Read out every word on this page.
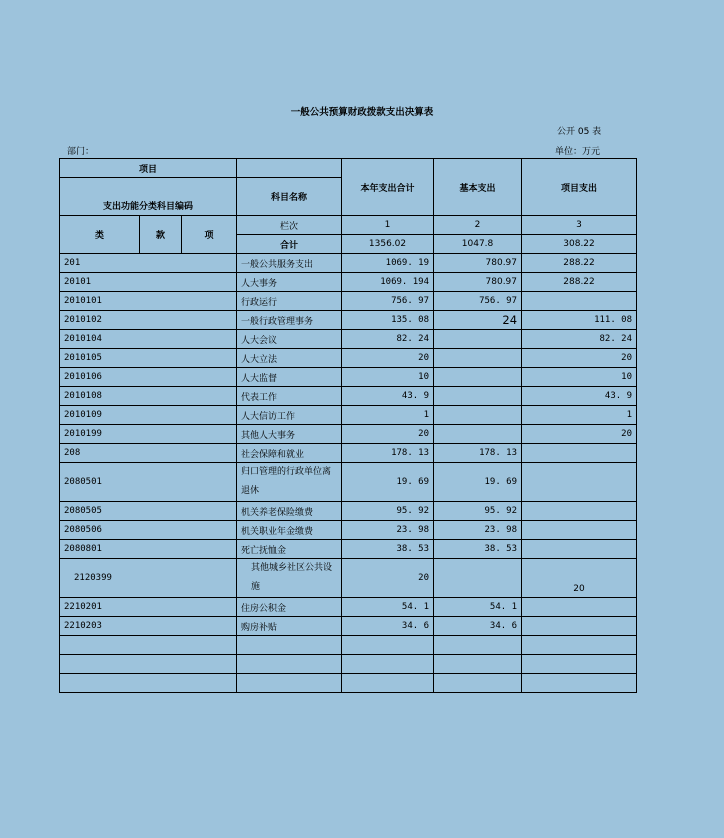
一般公共预算财政拨款支出决算表
公开 05 表
部门：	单位：万元
项目				本年支出合计	基本支出	项目支出
支出功能分类科目编码						
			科目名称			
类	款	项	栏次	1	2	3
			合计	1356.02	1047.8	308.22
201			一般公共服务支出	1069. 19	780.97	288.22
20101			人大事务	1069. 194	780.97	288.22
2010101			行政运行	756. 97	756. 97	
2010102			一般行政管理事务	135. 08	24	111. 08
2010104			人大会议	82. 24		82. 24
2010105			人大立法	20		20
2010106			人大监督	10		10
2010108			代表工作	43. 9		43. 9
2010109			人大信访工作	1		1
2010199			其他人大事务	20		20
208			社会保障和就业	178. 13	178. 13	
2080501			归口管理的行政单位离退休	19. 69	19. 69	
2080505			机关养老保险缴费	95. 92	95. 92	
2080506			机关职业年金缴费	23. 98	23. 98	
2080801			死亡抚恤金	38. 53	38. 53	
2120399			其他城乡社区公共设施	20		20
2210201			住房公积金	54. 1	54. 1	
2210203			购房补贴	34. 6	34. 6	
